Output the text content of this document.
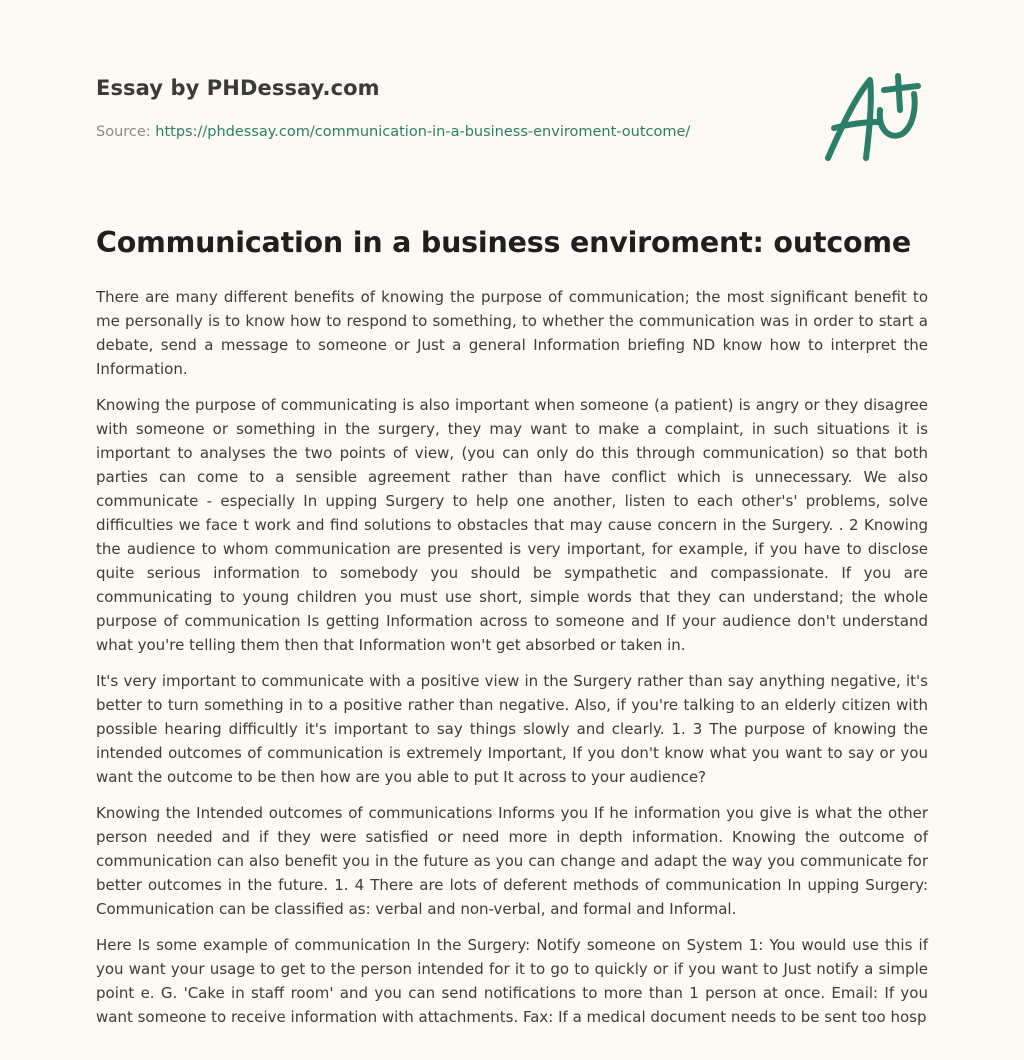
Essay by PHDessay.com
Source: https://phdessay.com/communication-in-a-business-enviroment-outcome/
Communication in a business enviroment: outcome

There are many different benefits of knowing the purpose of communication; the most significant benefit to me personally is to know how to respond to something, to whether the communication was in order to start a debate, send a message to someone or Just a general Information briefing ND know how to interpret the Information.

Knowing the purpose of communicating is also important when someone (a patient) is angry or they disagree with someone or something in the surgery, they may want to make a complaint, in such situations it is important to analyses the two points of view, (you can only do this through communication) so that both parties can come to a sensible agreement rather than have conflict which is unnecessary. We also communicate - especially In upping Surgery to help one another, listen to each other's' problems, solve difficulties we face t work and find solutions to obstacles that may cause concern in the Surgery. . 2 Knowing the audience to whom communication are presented is very important, for example, if you have to disclose quite serious information to somebody you should be sympathetic and compassionate. If you are communicating to young children you must use short, simple words that they can understand; the whole purpose of communication Is getting Information across to someone and If your audience don't understand what you're telling them then that Information won't get absorbed or taken in.

It's very important to communicate with a positive view in the Surgery rather than say anything negative, it's better to turn something in to a positive rather than negative. Also, if you're talking to an elderly citizen with possible hearing difficultly it's important to say things slowly and clearly. 1. 3 The purpose of knowing the intended outcomes of communication is extremely Important, If you don't know what you want to say or you want the outcome to be then how are you able to put It across to your audience?

Knowing the Intended outcomes of communications Informs you If he information you give is what the other person needed and if they were satisfied or need more in depth information. Knowing the outcome of communication can also benefit you in the future as you can change and adapt the way you communicate for better outcomes in the future. 1. 4 There are lots of deferent methods of communication In upping Surgery: Communication can be classified as: verbal and non-verbal, and formal and Informal.

Here Is some example of communication In the Surgery: Notify someone on System 1: You would use this if you want your usage to get to the person intended for it to go to quickly or if you want to Just notify a simple point e. G. 'Cake in staff room' and you can send notifications to more than 1 person at once. Email: If you want someone to receive information with attachments. Fax: If a medical document needs to be sent too hosp
